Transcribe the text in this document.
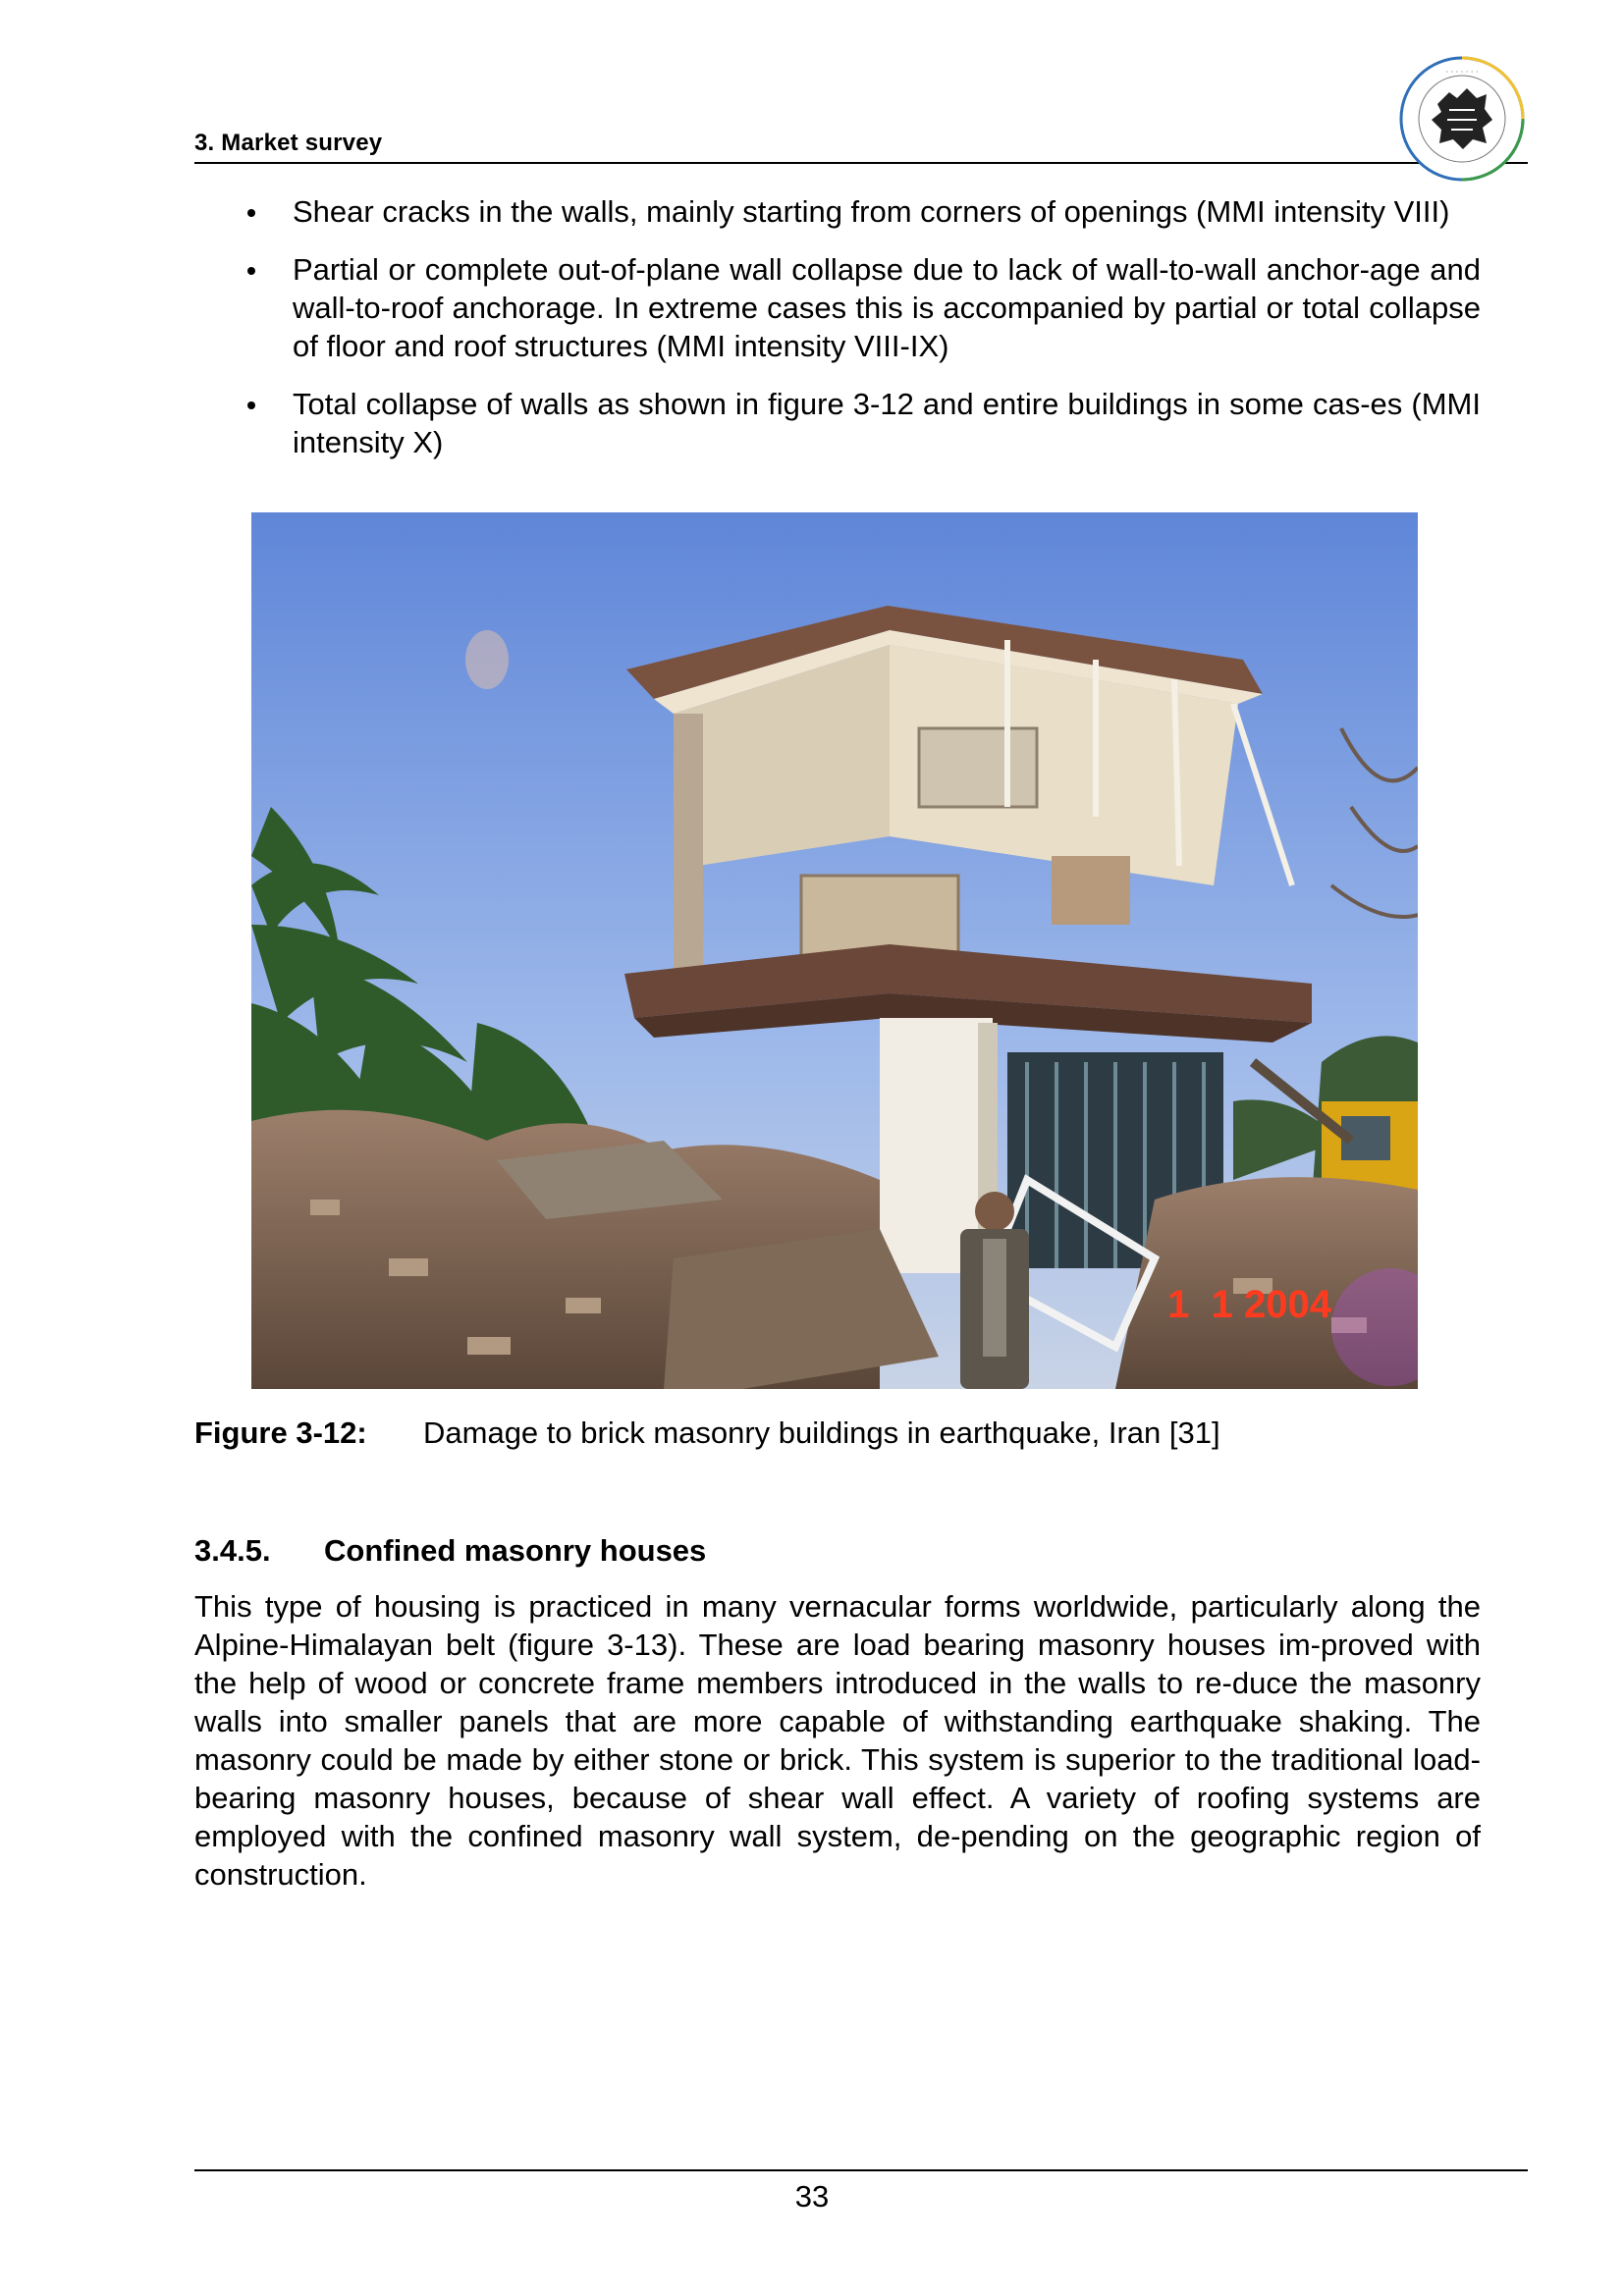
3. Market survey
· · · · · · ·
Shear cracks in the walls, mainly starting from corners of openings (MMI intensity VIII)
Partial or complete out-of-plane wall collapse due to lack of wall-to-wall anchor-age and wall-to-roof anchorage. In extreme cases this is accompanied by partial or total collapse of floor and roof structures (MMI intensity VIII-IX)
Total collapse of walls as shown in figure 3-12 and entire buildings in some cas-es (MMI intensity X)
1  1 2004
Figure 3-12: Damage to brick masonry buildings in earthquake, Iran [31]
3.4.5. Confined masonry houses

This type of housing is practiced in many vernacular forms worldwide, particularly along the Alpine-Himalayan belt (figure 3-13). These are load bearing masonry houses im-proved with the help of wood or concrete frame members introduced in the walls to re-duce the masonry walls into smaller panels that are more capable of withstanding earthquake shaking. The masonry could be made by either stone or brick. This system is superior to the traditional load-bearing masonry houses, because of shear wall effect. A variety of roofing systems are employed with the confined masonry wall system, de-pending on the geographic region of construction.

33
